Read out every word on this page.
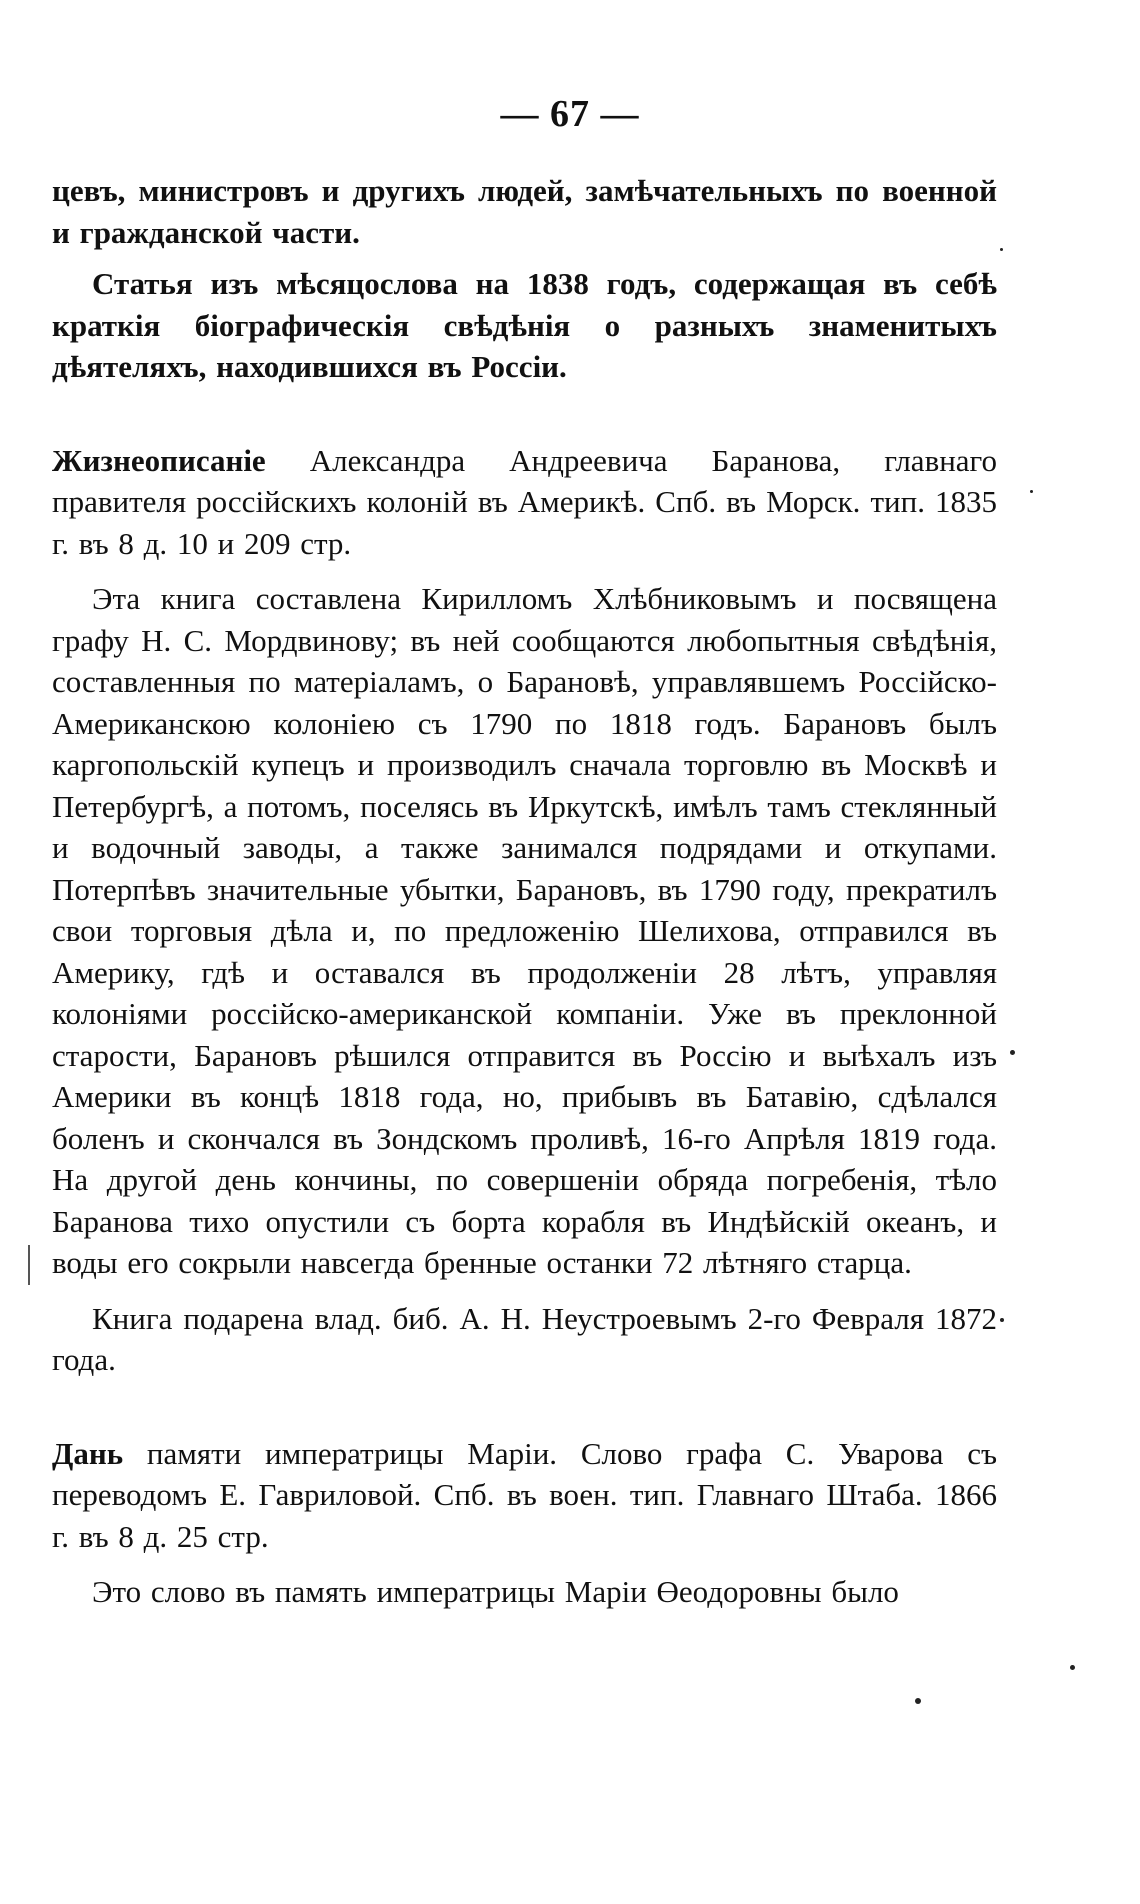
— 67 —

цевъ, министровъ и другихъ людей, замѣчательныхъ по военной и гражданской части.

Статья изъ мѣсяцослова на 1838 годъ, содержащая въ себѣ краткія біографическія свѣдѣнія о разныхъ знаменитыхъ дѣятеляхъ, находившихся въ Россіи.

Жизнеописаніе Александра Андреевича Баранова, главнаго правителя россійскихъ колоній въ Америкѣ. Спб. въ Морск. тип. 1835 г. въ 8 д. 10 и 209 стр.

Эта книга составлена Кирилломъ Хлѣбниковымъ и посвящена графу Н. С. Мордвинову; въ ней сообщаются любопытныя свѣдѣнія, составленныя по матеріаламъ, о Барановѣ, управлявшемъ Россійско-Американскою колоніею съ 1790 по 1818 годъ. Барановъ былъ каргопольскій купецъ и производилъ сначала торговлю въ Москвѣ и Петербургѣ, а потомъ, поселясь въ Иркутскѣ, имѣлъ тамъ стеклянный и водочный заводы, а также занимался подрядами и откупами. Потерпѣвъ значительные убытки, Барановъ, въ 1790 году, прекратилъ свои торговыя дѣла и, по предложенію Шелихова, отправился въ Америку, гдѣ и оставался въ продолженіи 28 лѣтъ, управляя колоніями россійско-американской компаніи. Уже въ преклонной старости, Барановъ рѣшился отправится въ Россію и выѣхалъ изъ Америки въ концѣ 1818 года, но, прибывъ въ Батавію, сдѣлался боленъ и скончался въ Зондскомъ проливѣ, 16-го Апрѣля 1819 года. На другой день кончины, по совершеніи обряда погребенія, тѣло Баранова тихо опустили съ борта корабля въ Индѣйскій океанъ, и воды его сокрыли навсегда бренные останки 72 лѣтняго старца.

Книга подарена влад. биб. А. Н. Неустроевымъ 2-го Февраля 1872 года.

Дань памяти императрицы Маріи. Слово графа С. Уварова съ переводомъ Е. Гавриловой. Спб. въ воен. тип. Главнаго Штаба. 1866 г. въ 8 д. 25 стр.

Это слово въ память императрицы Маріи Өеодоровны было
